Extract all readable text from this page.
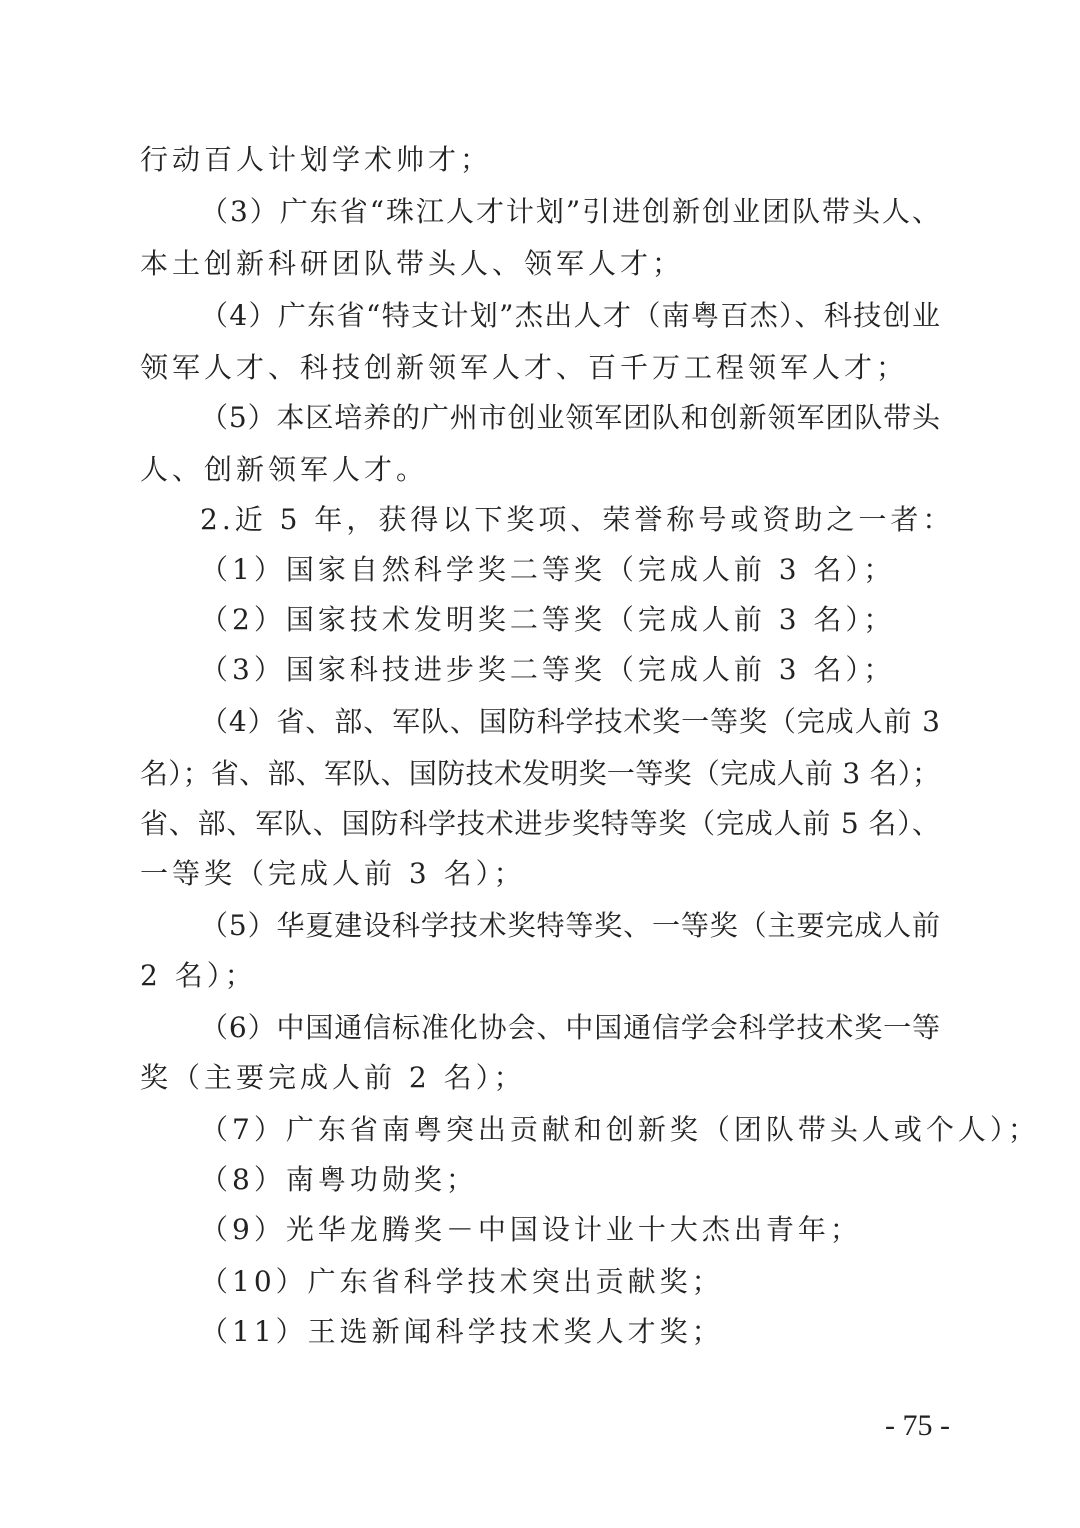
行动百人计划学术帅才；
（3）广东省“珠江人才计划”引进创新创业团队带头人、
本土创新科研团队带头人、领军人才；
（4）广东省“特支计划”杰出人才（南粤百杰）、科技创业
领军人才、科技创新领军人才、百千万工程领军人才；
（5）本区培养的广州市创业领军团队和创新领军团队带头
人、创新领军人才。
2.近 5 年，获得以下奖项、荣誉称号或资助之一者：
（1）国家自然科学奖二等奖（完成人前 3 名）；
（2）国家技术发明奖二等奖（完成人前 3 名）；
（3）国家科技进步奖二等奖（完成人前 3 名）；
（4）省、部、军队、国防科学技术奖一等奖（完成人前 3
名）；省、部、军队、国防技术发明奖一等奖（完成人前 3 名）；
省、部、军队、国防科学技术进步奖特等奖（完成人前 5 名）、
一等奖（完成人前 3 名）；
（5）华夏建设科学技术奖特等奖、一等奖（主要完成人前
2 名）；
（6）中国通信标准化协会、中国通信学会科学技术奖一等
奖（主要完成人前 2 名）；
（7）广东省南粤突出贡献和创新奖（团队带头人或个人）；
（8）南粤功勋奖；
（9）光华龙腾奖－中国设计业十大杰出青年；
（10）广东省科学技术突出贡献奖；
（11）王选新闻科学技术奖人才奖；
- 75 -
